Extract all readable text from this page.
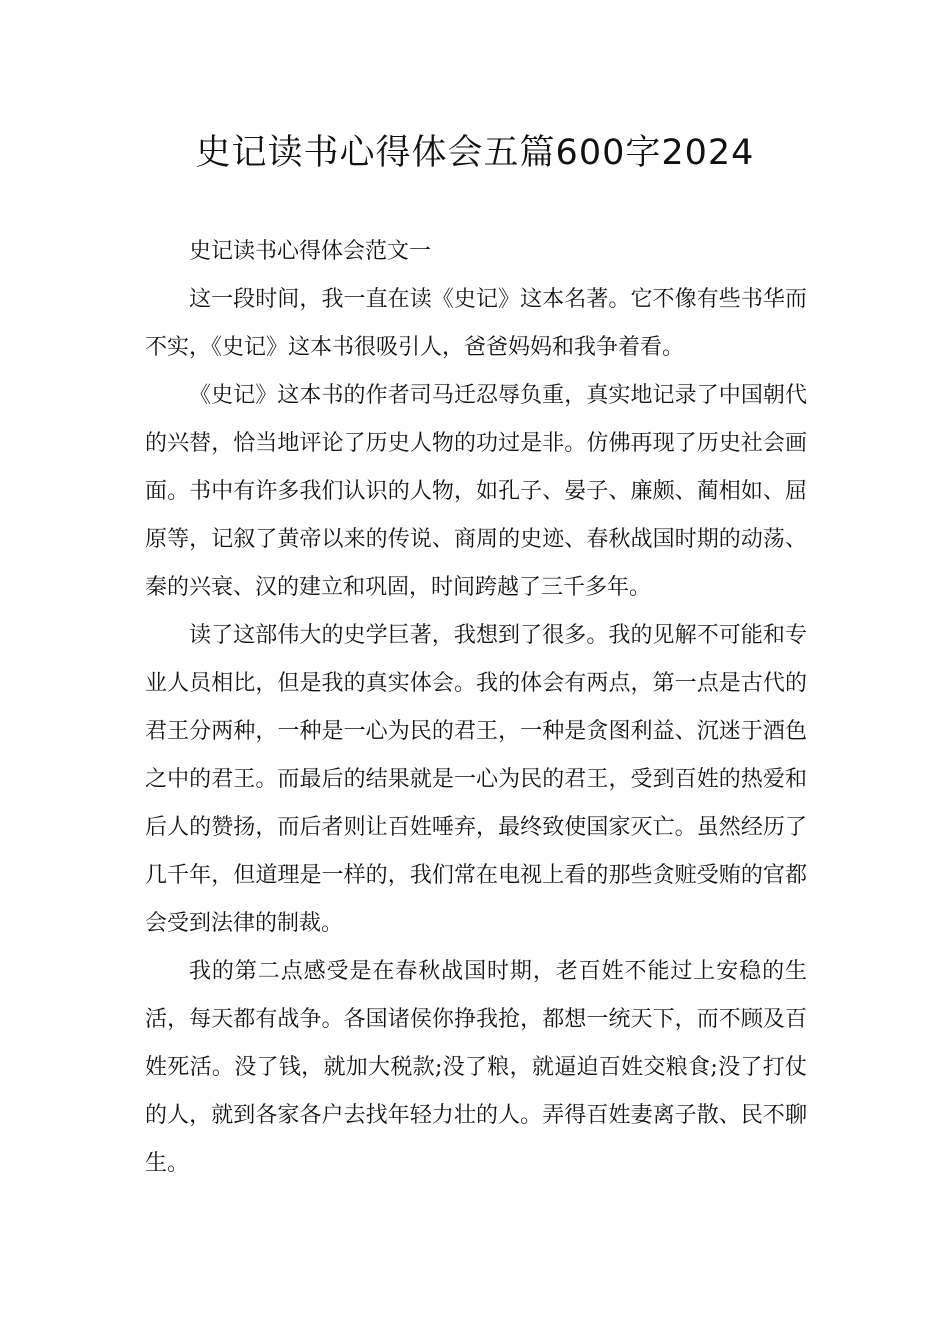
史记读书心得体会五篇600字2024

史记读书心得体会范文一

这一段时间，我一直在读《史记》这本名著。它不像有些书华而不实，《史记》这本书很吸引人，爸爸妈妈和我争着看。

《史记》这本书的作者司马迁忍辱负重，真实地记录了中国朝代的兴替，恰当地评论了历史人物的功过是非。仿佛再现了历史社会画面。书中有许多我们认识的人物，如孔子、晏子、廉颇、蔺相如、屈原等，记叙了黄帝以来的传说、商周的史迹、春秋战国时期的动荡、秦的兴衰、汉的建立和巩固，时间跨越了三千多年。

读了这部伟大的史学巨著，我想到了很多。我的见解不可能和专业人员相比，但是我的真实体会。我的体会有两点，第一点是古代的君王分两种，一种是一心为民的君王，一种是贪图利益、沉迷于酒色之中的君王。而最后的结果就是一心为民的君王，受到百姓的热爱和后人的赞扬，而后者则让百姓唾弃，最终致使国家灭亡。虽然经历了几千年，但道理是一样的，我们常在电视上看的那些贪赃受贿的官都会受到法律的制裁。

我的第二点感受是在春秋战国时期，老百姓不能过上安稳的生活，每天都有战争。各国诸侯你挣我抢，都想一统天下，而不顾及百姓死活。没了钱，就加大税款;没了粮，就逼迫百姓交粮食;没了打仗的人，就到各家各户去找年轻力壮的人。弄得百姓妻离子散、民不聊生。
